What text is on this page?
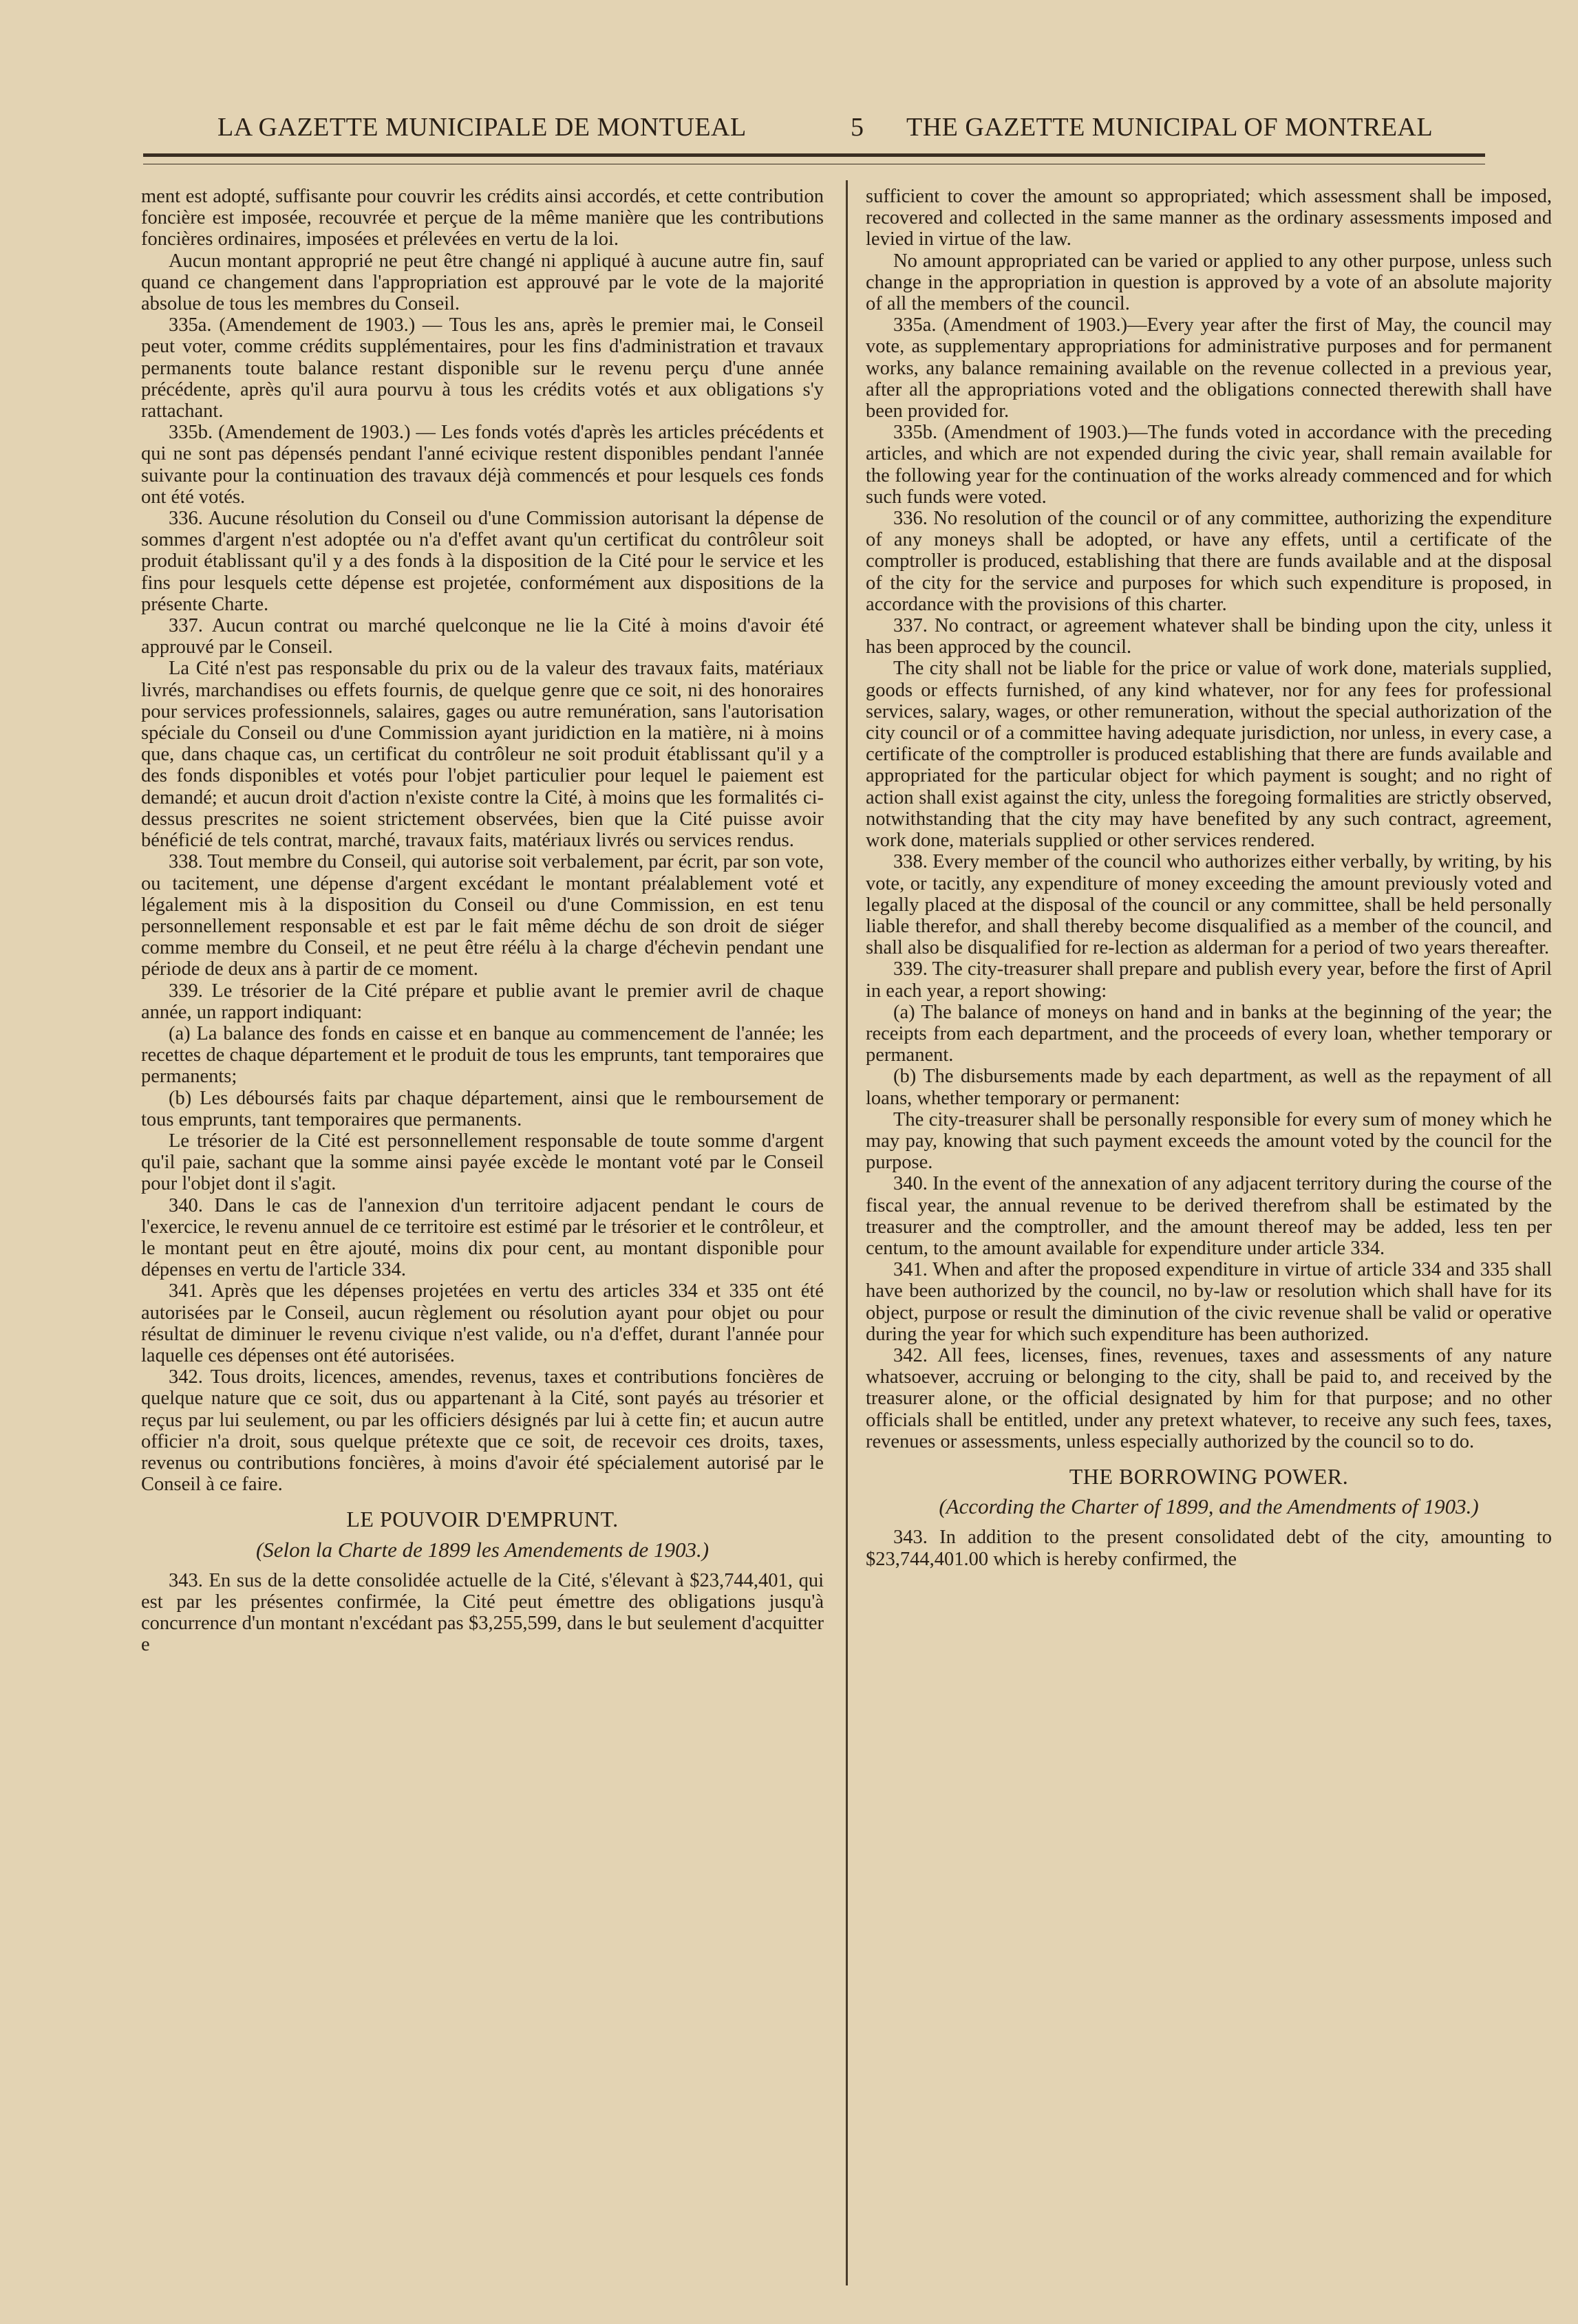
LA GAZETTE MUNICIPALE DE MONTUEAL	5 THE GAZETTE MUNICIPAL OF MONTREAL

ment est adopté, suffisante pour couvrir les crédits ainsi accordés, et cette contribution foncière est imposée, recouvrée et perçue de la même manière que les contributions foncières ordinaires, imposées et prélevées en vertu de la loi.

Aucun montant approprié ne peut être changé ni appliqué à aucune autre fin, sauf quand ce changement dans l'appropriation est approuvé par le vote de la majorité absolue de tous les membres du Conseil.

335a. (Amendement de 1903.) — Tous les ans, après le premier mai, le Conseil peut voter, comme crédits supplémentaires, pour les fins d'administration et travaux permanents toute balance restant disponible sur le revenu perçu d'une année précédente, après qu'il aura pourvu à tous les crédits votés et aux obligations s'y rattachant.

335b. (Amendement de 1903.) — Les fonds votés d'après les articles précédents et qui ne sont pas dépensés pendant l'anné ecivique restent disponibles pendant l'année suivante pour la continuation des travaux déjà commencés et pour lesquels ces fonds ont été votés.

336. Aucune résolution du Conseil ou d'une Commission autorisant la dépense de sommes d'argent n'est adoptée ou n'a d'effet avant qu'un certificat du contrôleur soit produit établissant qu'il y a des fonds à la disposition de la Cité pour le service et les fins pour lesquels cette dépense est projetée, conformément aux dispositions de la présente Charte.

337. Aucun contrat ou marché quelconque ne lie la Cité à moins d'avoir été approuvé par le Conseil.

La Cité n'est pas responsable du prix ou de la valeur des travaux faits, matériaux livrés, marchandises ou effets fournis, de quelque genre que ce soit, ni des honoraires pour services professionnels, salaires, gages ou autre remunération, sans l'autorisation spéciale du Conseil ou d'une Commission ayant juridiction en la matière, ni à moins que, dans chaque cas, un certificat du contrôleur ne soit produit établissant qu'il y a des fonds disponibles et votés pour l'objet particulier pour lequel le paiement est demandé; et aucun droit d'action n'existe contre la Cité, à moins que les formalités ci-dessus prescrites ne soient strictement observées, bien que la Cité puisse avoir bénéficié de tels contrat, marché, travaux faits, matériaux livrés ou services rendus.

338. Tout membre du Conseil, qui autorise soit verbalement, par écrit, par son vote, ou tacitement, une dépense d'argent excédant le montant préalablement voté et légalement mis à la disposition du Conseil ou d'une Commission, en est tenu personnellement responsable et est par le fait même déchu de son droit de siéger comme membre du Conseil, et ne peut être réélu à la charge d'échevin pendant une période de deux ans à partir de ce moment.

339. Le trésorier de la Cité prépare et publie avant le premier avril de chaque année, un rapport indiquant:

(a) La balance des fonds en caisse et en banque au commencement de l'année; les recettes de chaque département et le produit de tous les emprunts, tant temporaires que permanents;

(b) Les déboursés faits par chaque département, ainsi que le remboursement de tous emprunts, tant temporaires que permanents.

Le trésorier de la Cité est personnellement responsable de toute somme d'argent qu'il paie, sachant que la somme ainsi payée excède le montant voté par le Conseil pour l'objet dont il s'agit.

340. Dans le cas de l'annexion d'un territoire adjacent pendant le cours de l'exercice, le revenu annuel de ce territoire est estimé par le trésorier et le contrôleur, et le montant peut en être ajouté, moins dix pour cent, au montant disponible pour dépenses en vertu de l'article 334.

341. Après que les dépenses projetées en vertu des articles 334 et 335 ont été autorisées par le Conseil, aucun règlement ou résolution ayant pour objet ou pour résultat de diminuer le revenu civique n'est valide, ou n'a d'effet, durant l'année pour laquelle ces dépenses ont été autorisées.

342. Tous droits, licences, amendes, revenus, taxes et contributions foncières de quelque nature que ce soit, dus ou appartenant à la Cité, sont payés au trésorier et reçus par lui seulement, ou par les officiers désignés par lui à cette fin; et aucun autre officier n'a droit, sous quelque prétexte que ce soit, de recevoir ces droits, taxes, revenus ou contributions foncières, à moins d'avoir été spécialement autorisé par le Conseil à ce faire.

LE POUVOIR D'EMPRUNT.

(Selon la Charte de 1899 les Amendements de 1903.)

343. En sus de la dette consolidée actuelle de la Cité, s'élevant à $23,744,401, qui est par les présentes confirmée, la Cité peut émettre des obligations jusqu'à concurrence d'un montant n'excédant pas $3,255,599, dans le but seulement d'acquitter e

sufficient to cover the amount so appropriated; which assessment shall be imposed, recovered and collected in the same manner as the ordinary assessments imposed and levied in virtue of the law.

No amount appropriated can be varied or applied to any other purpose, unless such change in the appropriation in question is approved by a vote of an absolute majority of all the members of the council.

335a. (Amendment of 1903.)—Every year after the first of May, the council may vote, as supplementary appropriations for administrative purposes and for permanent works, any balance remaining available on the revenue collected in a previous year, after all the appropriations voted and the obligations connected therewith shall have been provided for.

335b. (Amendment of 1903.)—The funds voted in accordance with the preceding articles, and which are not expended during the civic year, shall remain available for the following year for the continuation of the works already commenced and for which such funds were voted.

336. No resolution of the council or of any committee, authorizing the expenditure of any moneys shall be adopted, or have any effets, until a certificate of the comptroller is produced, establishing that there are funds available and at the disposal of the city for the service and purposes for which such expenditure is proposed, in accordance with the provisions of this charter.

337. No contract, or agreement whatever shall be binding upon the city, unless it has been approced by the council.

The city shall not be liable for the price or value of work done, materials supplied, goods or effects furnished, of any kind whatever, nor for any fees for professional services, salary, wages, or other remuneration, without the special authorization of the city council or of a committee having adequate jurisdiction, nor unless, in every case, a certificate of the comptroller is produced establishing that there are funds available and appropriated for the particular object for which payment is sought; and no right of action shall exist against the city, unless the foregoing formalities are strictly observed, notwithstanding that the city may have benefited by any such contract, agreement, work done, materials supplied or other services rendered.

338. Every member of the council who authorizes either verbally, by writing, by his vote, or tacitly, any expenditure of money exceeding the amount previously voted and legally placed at the disposal of the council or any committee, shall be held personally liable therefor, and shall thereby become disqualified as a member of the council, and shall also be disqualified for re-lection as alderman for a period of two years thereafter.

339. The city-treasurer shall prepare and publish every year, before the first of April in each year, a report showing:

(a) The balance of moneys on hand and in banks at the beginning of the year; the receipts from each department, and the proceeds of every loan, whether temporary or permanent.

(b) The disbursements made by each department, as well as the repayment of all loans, whether temporary or permanent:

The city-treasurer shall be personally responsible for every sum of money which he may pay, knowing that such payment exceeds the amount voted by the council for the purpose.

340. In the event of the annexation of any adjacent territory during the course of the fiscal year, the annual revenue to be derived therefrom shall be estimated by the treasurer and the comptroller, and the amount thereof may be added, less ten per centum, to the amount available for expenditure under article 334.

341. When and after the proposed expenditure in virtue of article 334 and 335 shall have been authorized by the council, no by-law or resolution which shall have for its object, purpose or result the diminution of the civic revenue shall be valid or operative during the year for which such expenditure has been authorized.

342. All fees, licenses, fines, revenues, taxes and assessments of any nature whatsoever, accruing or belonging to the city, shall be paid to, and received by the treasurer alone, or the official designated by him for that purpose; and no other officials shall be entitled, under any pretext whatever, to receive any such fees, taxes, revenues or assessments, unless especially authorized by the council so to do.

THE BORROWING POWER.

(According the Charter of 1899, and the Amendments of 1903.)

343. In addition to the present consolidated debt of the city, amounting to $23,744,401.00 which is hereby confirmed, the
